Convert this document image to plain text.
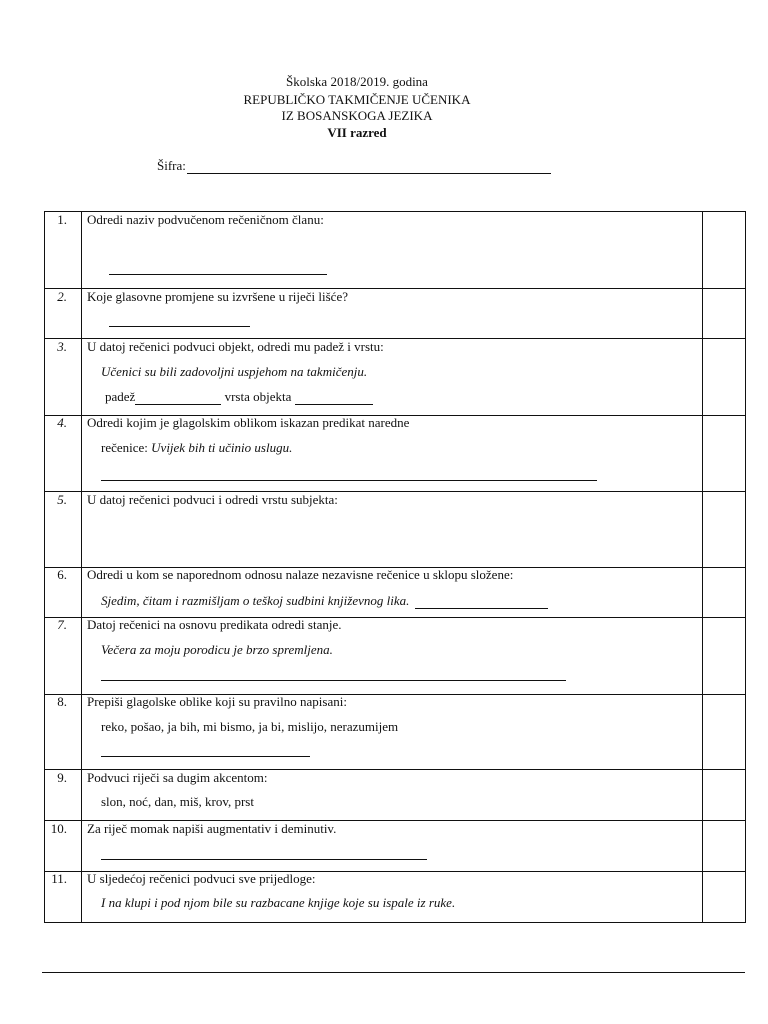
Školska 2018/2019. godina
REPUBLIČKO TAKMIČENJE UČENIKA
IZ BOSANSKOGA JEZIKA
VII razred
Šifra:
1.	Odredi naziv podvučenom rečeničnom članu:
2.	Koje glasovne promjene su izvršene u riječi lišće?
3.	U datoj rečenici podvuci objekt, odredi mu padež i vrstu:
Učenici su bili zadovoljni uspjehom na takmičenju.
padež	vrsta objekta
4.	Odredi kojim je glagolskim oblikom iskazan predikat naredne
rečenice: Uvijek bih ti učinio uslugu.
5.	U datoj rečenici podvuci i odredi vrstu subjekta:
6.	Odredi u kom se naporednom odnosu nalaze nezavisne rečenice u sklopu složene:
Sjedim, čitam i razmišljam o teškoj sudbini književnog lika.
7.	Datoj rečenici na osnovu predikata odredi stanje.
Večera za moju porodicu je brzo spremljena.
8.	Prepiši glagolske oblike koji su pravilno napisani:
reko, pošao, ja bih, mi bismo, ja bi, mislijo, nerazumijem
9.	Podvuci riječi sa dugim akcentom:
slon, noć, dan, miš, krov, prst
10.	Za riječ momak napiši augmentativ i deminutiv.
11.	U sljedećoj rečenici podvuci sve prijedloge:
I na klupi i pod njom bile su razbacane knjige koje su ispale iz ruke.
